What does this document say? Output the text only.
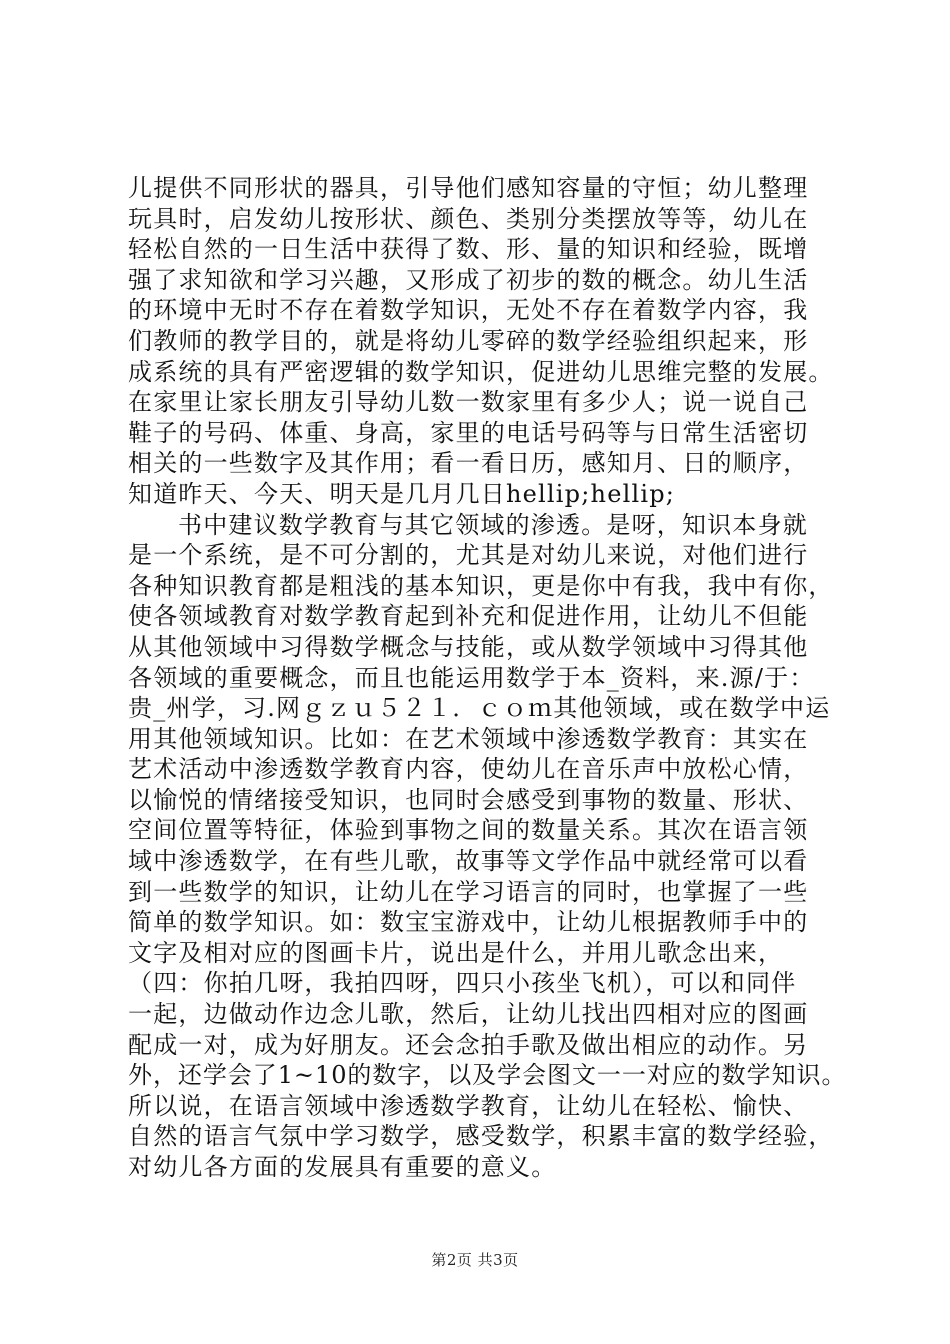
儿提供不同形状的器具，引导他们感知容量的守恒；幼儿整理
玩具时，启发幼儿按形状、颜色、类别分类摆放等等，幼儿在
轻松自然的一日生活中获得了数、形、量的知识和经验，既增
强了求知欲和学习兴趣，又形成了初步的数的概念。幼儿生活
的环境中无时不存在着数学知识，无处不存在着数学内容，我
们教师的教学目的，就是将幼儿零碎的数学经验组织起来，形
成系统的具有严密逻辑的数学知识，促进幼儿思维完整的发展。
在家里让家长朋友引导幼儿数一数家里有多少人；说一说自己
鞋子的号码、体重、身高，家里的电话号码等与日常生活密切
相关的一些数字及其作用；看一看日历，感知月、日的顺序，
知道昨天、今天、明天是几月几日hellip;hellip;
书中建议数学教育与其它领域的渗透。是呀，知识本身就
是一个系统，是不可分割的，尤其是对幼儿来说，对他们进行
各种知识教育都是粗浅的基本知识，更是你中有我，我中有你，
使各领域教育对数学教育起到补充和促进作用，让幼儿不但能
从其他领域中习得数学概念与技能，或从数学领域中习得其他
各领域的重要概念，而且也能运用数学于本_资料，来.源/于：
贵_州学，习.网ｇｚｕ５２１．ｃｏｍ其他领域，或在数学中运
用其他领域知识。比如：在艺术领域中渗透数学教育：其实在
艺术活动中渗透数学教育内容，使幼儿在音乐声中放松心情，
以愉悦的情绪接受知识，也同时会感受到事物的数量、形状、
空间位置等特征，体验到事物之间的数量关系。其次在语言领
域中渗透数学，在有些儿歌，故事等文学作品中就经常可以看
到一些数学的知识，让幼儿在学习语言的同时，也掌握了一些
简单的数学知识。如：数宝宝游戏中，让幼儿根据教师手中的
文字及相对应的图画卡片，说出是什么，并用儿歌念出来，
（四：你拍几呀，我拍四呀，四只小孩坐飞机），可以和同伴
一起，边做动作边念儿歌，然后，让幼儿找出四相对应的图画
配成一对，成为好朋友。还会念拍手歌及做出相应的动作。另
外，还学会了1~10的数字，以及学会图文一一对应的数学知识。
所以说，在语言领域中渗透数学教育，让幼儿在轻松、愉快、
自然的语言气氛中学习数学，感受数学，积累丰富的数学经验，
对幼儿各方面的发展具有重要的意义。
第2页 共3页
